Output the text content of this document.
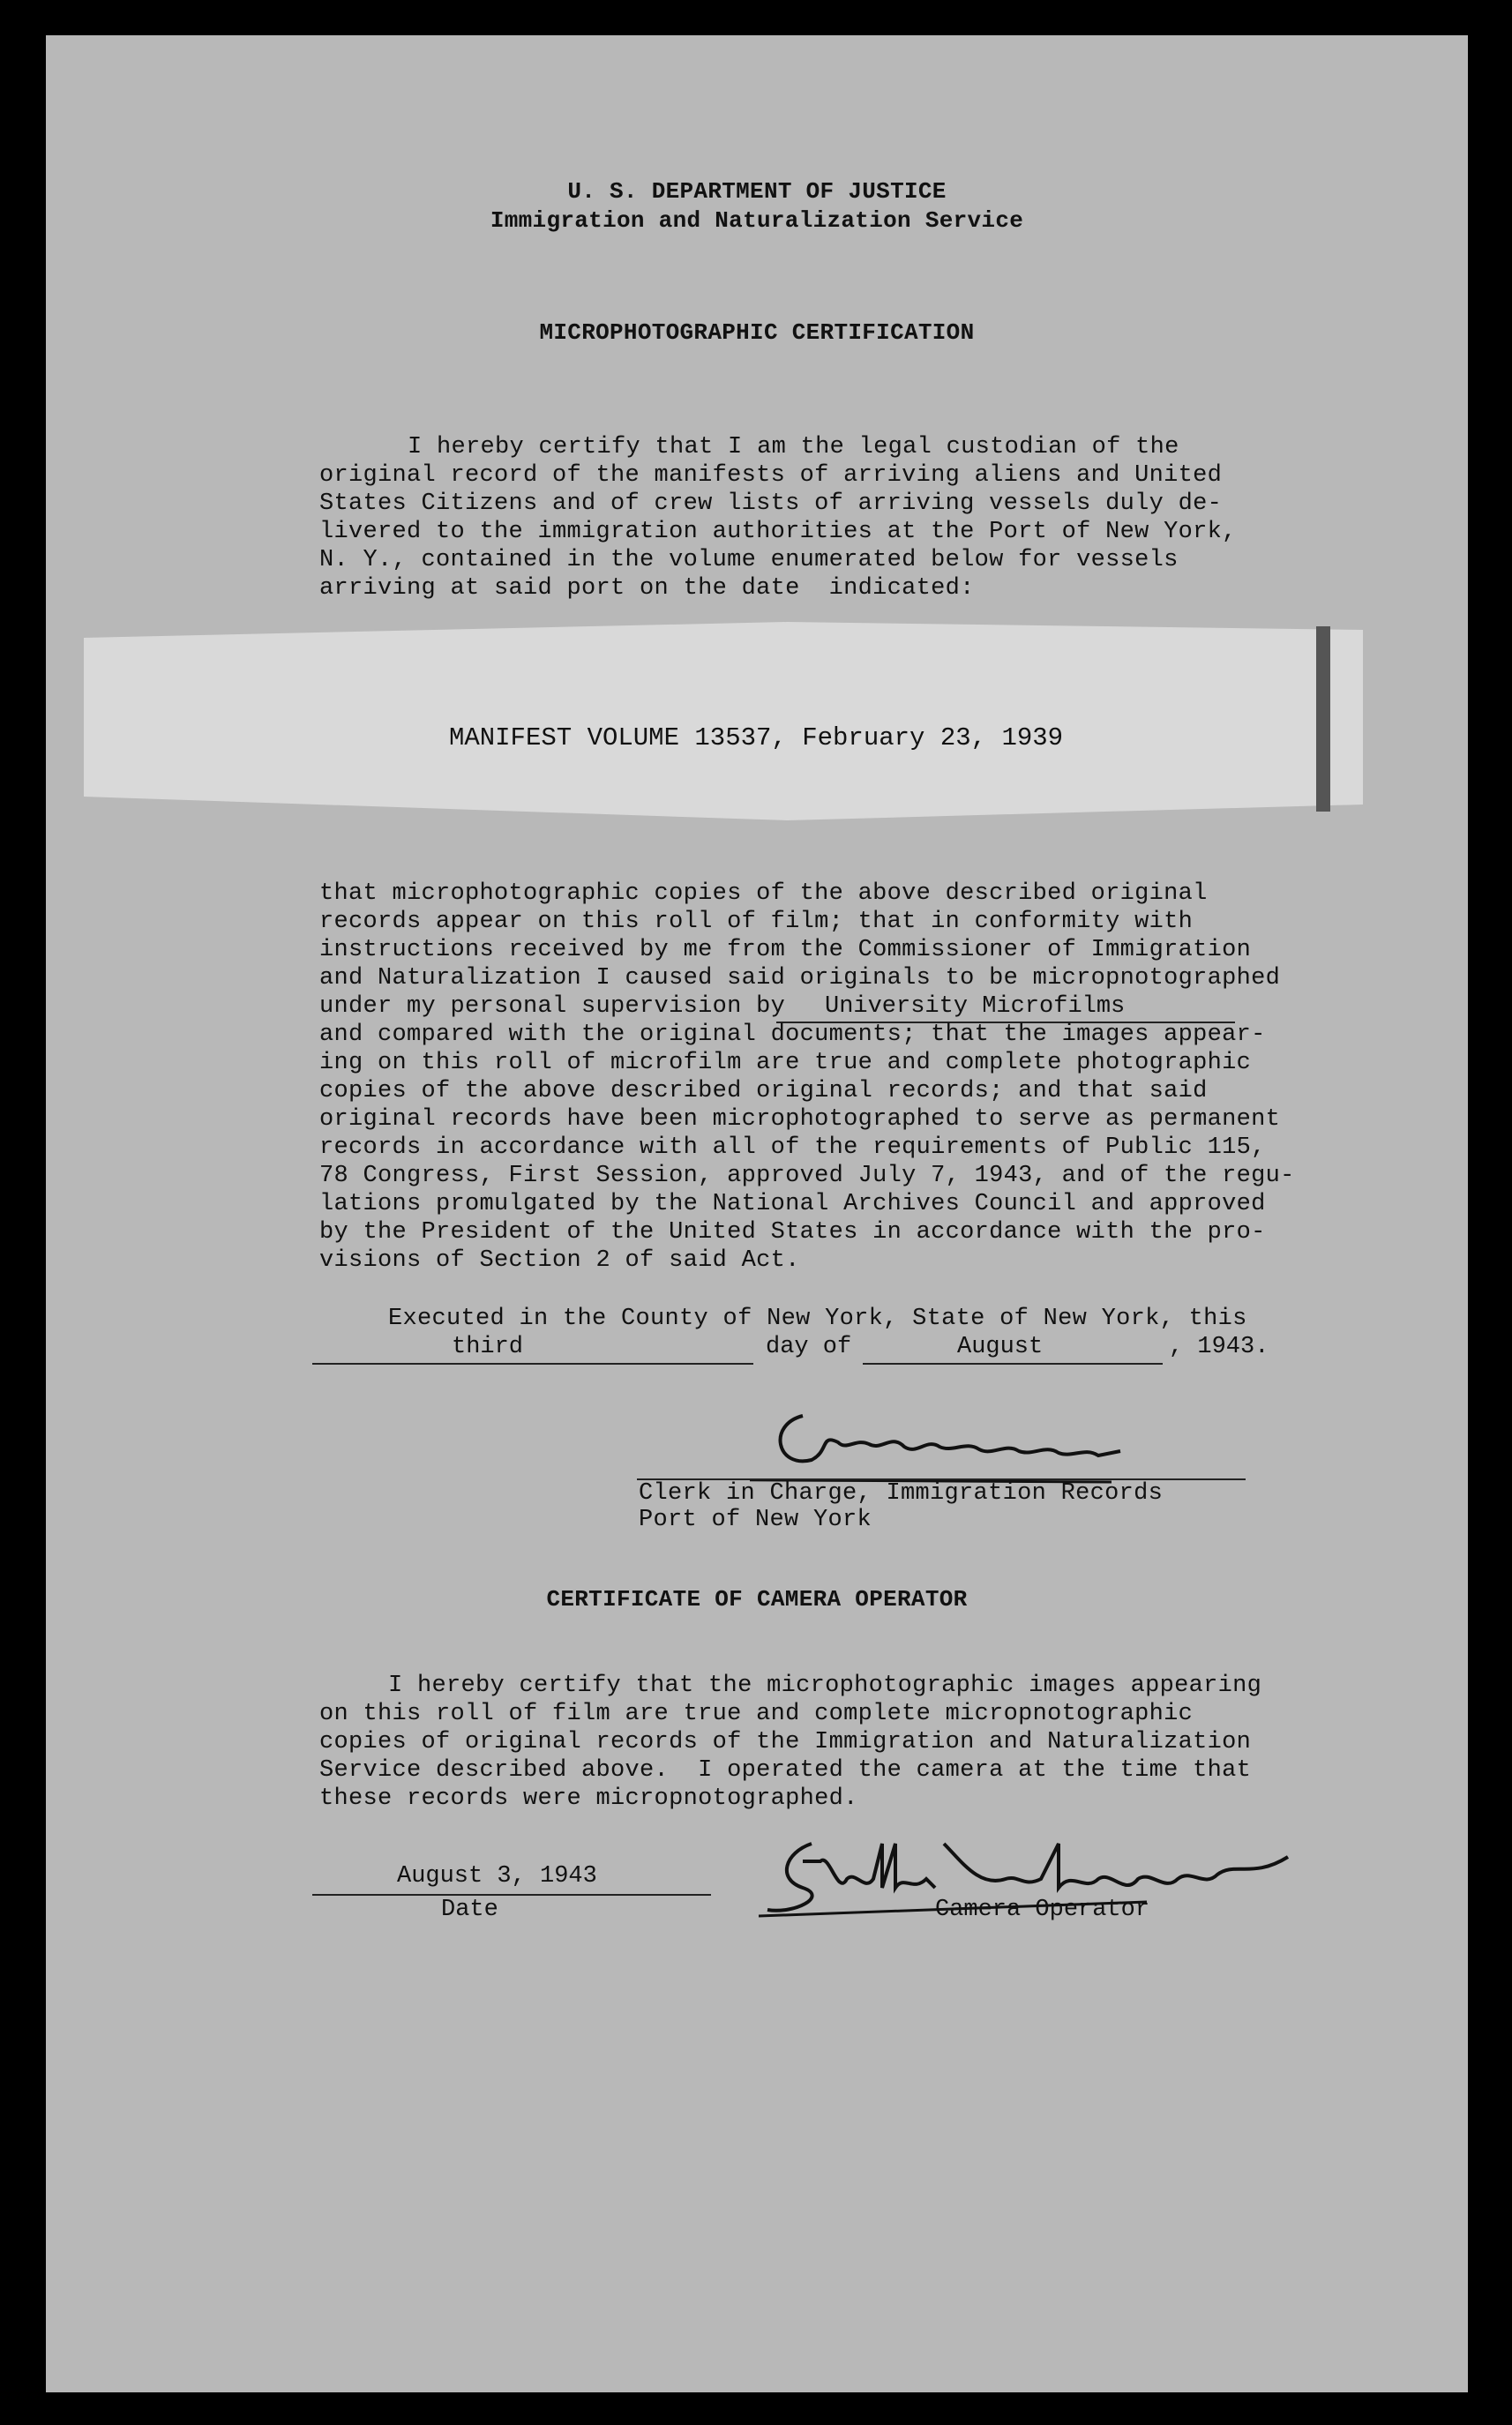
U. S. DEPARTMENT OF JUSTICE
Immigration and Naturalization Service
MICROPHOTOGRAPHIC CERTIFICATION
I hereby certify that I am the legal custodian of the
original record of the manifests of arriving aliens and United
States Citizens and of crew lists of arriving vessels duly de-
livered to the immigration authorities at the Port of New York,
N. Y., contained in the volume enumerated below for vessels
arriving at said port on the date  indicated:
MANIFEST VOLUME 13537, February 23, 1939
that microphotographic copies of the above described original
records appear on this roll of film; that in conformity with
instructions received by me from the Commissioner of Immigration
and Naturalization I caused said originals to be micropnotographed
under my personal supervision by University Microfilms
and compared with the original documents; that the images appear-
ing on this roll of microfilm are true and complete photographic
copies of the above described original records; and that said
original records have been microphotographed to serve as permanent
records in accordance with all of the requirements of Public 115,
78 Congress, First Session, approved July 7, 1943, and of the regu-
lations promulgated by the National Archives Council and approved
by the President of the United States in accordance with the pro-
visions of Section 2 of said Act.
Executed in the County of New York, State of New York, this
third	day of	August	, 1943.
Clerk in Charge, Immigration Records
Port of New York
CERTIFICATE OF CAMERA OPERATOR
I hereby certify that the microphotographic images appearing
on this roll of film are true and complete micropnotographic
copies of original records of the Immigration and Naturalization
Service described above.  I operated the camera at the time that
these records were micropnotographed.
August 3, 1943
Date	Camera Operator
